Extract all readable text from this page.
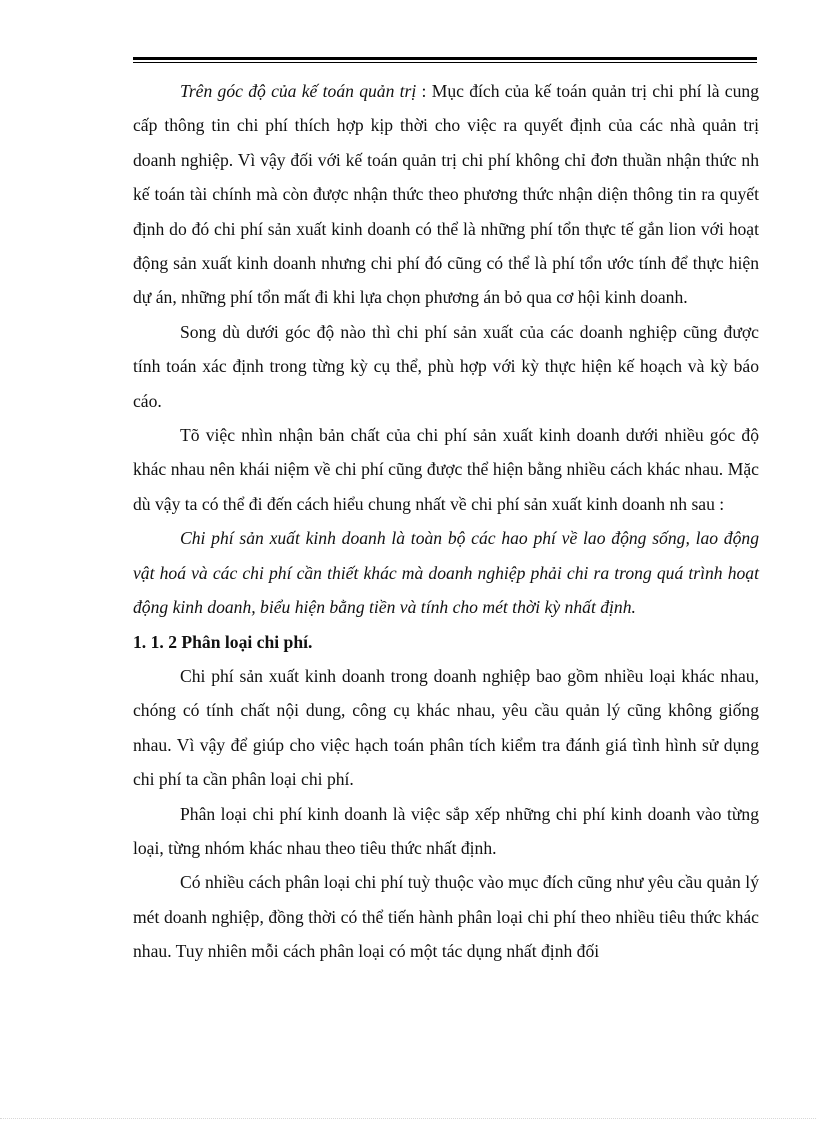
Trên góc độ của kế toán quản trị : Mục đích của kế toán quản trị chi phí là cung cấp thông tin chi phí thích hợp kịp thời cho việc ra quyết định của các nhà quản trị doanh nghiệp. Vì vậy đối với kế toán quản trị chi phí không chỉ đơn thuần nhận thức nh kế toán tài chính mà còn được nhận thức theo phương thức nhận diện thông tin ra quyết định do đó chi phí sản xuất kinh doanh có thể là những phí tổn thực tế gắn lion với hoạt động sản xuất kinh doanh nhưng chi phí đó cũng có thể là phí tổn ước tính để thực hiện dự án, những phí tổn mất đi khi lựa chọn phương án bỏ qua cơ hội kinh doanh.

Song dù dưới góc độ nào thì chi phí sản xuất của các doanh nghiệp cũng được tính toán xác định trong từng kỳ cụ thể, phù hợp với kỳ thực hiện kế hoạch và kỳ báo cáo.

Tõ việc nhìn nhận bản chất của chi phí sản xuất kinh doanh dưới nhiều góc độ khác nhau nên khái niệm về chi phí cũng được thể hiện bằng nhiều cách khác nhau. Mặc dù vậy ta có thể đi đến cách hiểu chung nhất về chi phí sản xuất kinh doanh nh sau :

Chi phí sản xuất kinh doanh là toàn bộ các hao phí về lao động sống, lao động vật hoá và các chi phí cần thiết khác mà doanh nghiệp phải chi ra trong quá trình hoạt động kinh doanh, biểu hiện bằng tiền và tính cho mét thời kỳ nhất định.

1. 1. 2 Phân loại chi phí.

Chi phí sản xuất kinh doanh trong doanh nghiệp bao gồm nhiều loại khác nhau, chóng có tính chất nội dung, công cụ khác nhau, yêu cầu quản lý cũng không giống nhau. Vì vậy để giúp cho việc hạch toán phân tích kiểm tra đánh giá tình hình sử dụng chi phí ta cần phân loại chi phí.

Phân loại chi phí kinh doanh là việc sắp xếp những chi phí kinh doanh vào từng loại, từng nhóm khác nhau theo tiêu thức nhất định.

Có nhiều cách phân loại chi phí tuỳ thuộc vào mục đích cũng như yêu cầu quản lý mét doanh nghiệp, đồng thời có thể tiến hành phân loại chi phí theo nhiều tiêu thức khác nhau. Tuy nhiên mỗi cách phân loại có một tác dụng nhất định đối
